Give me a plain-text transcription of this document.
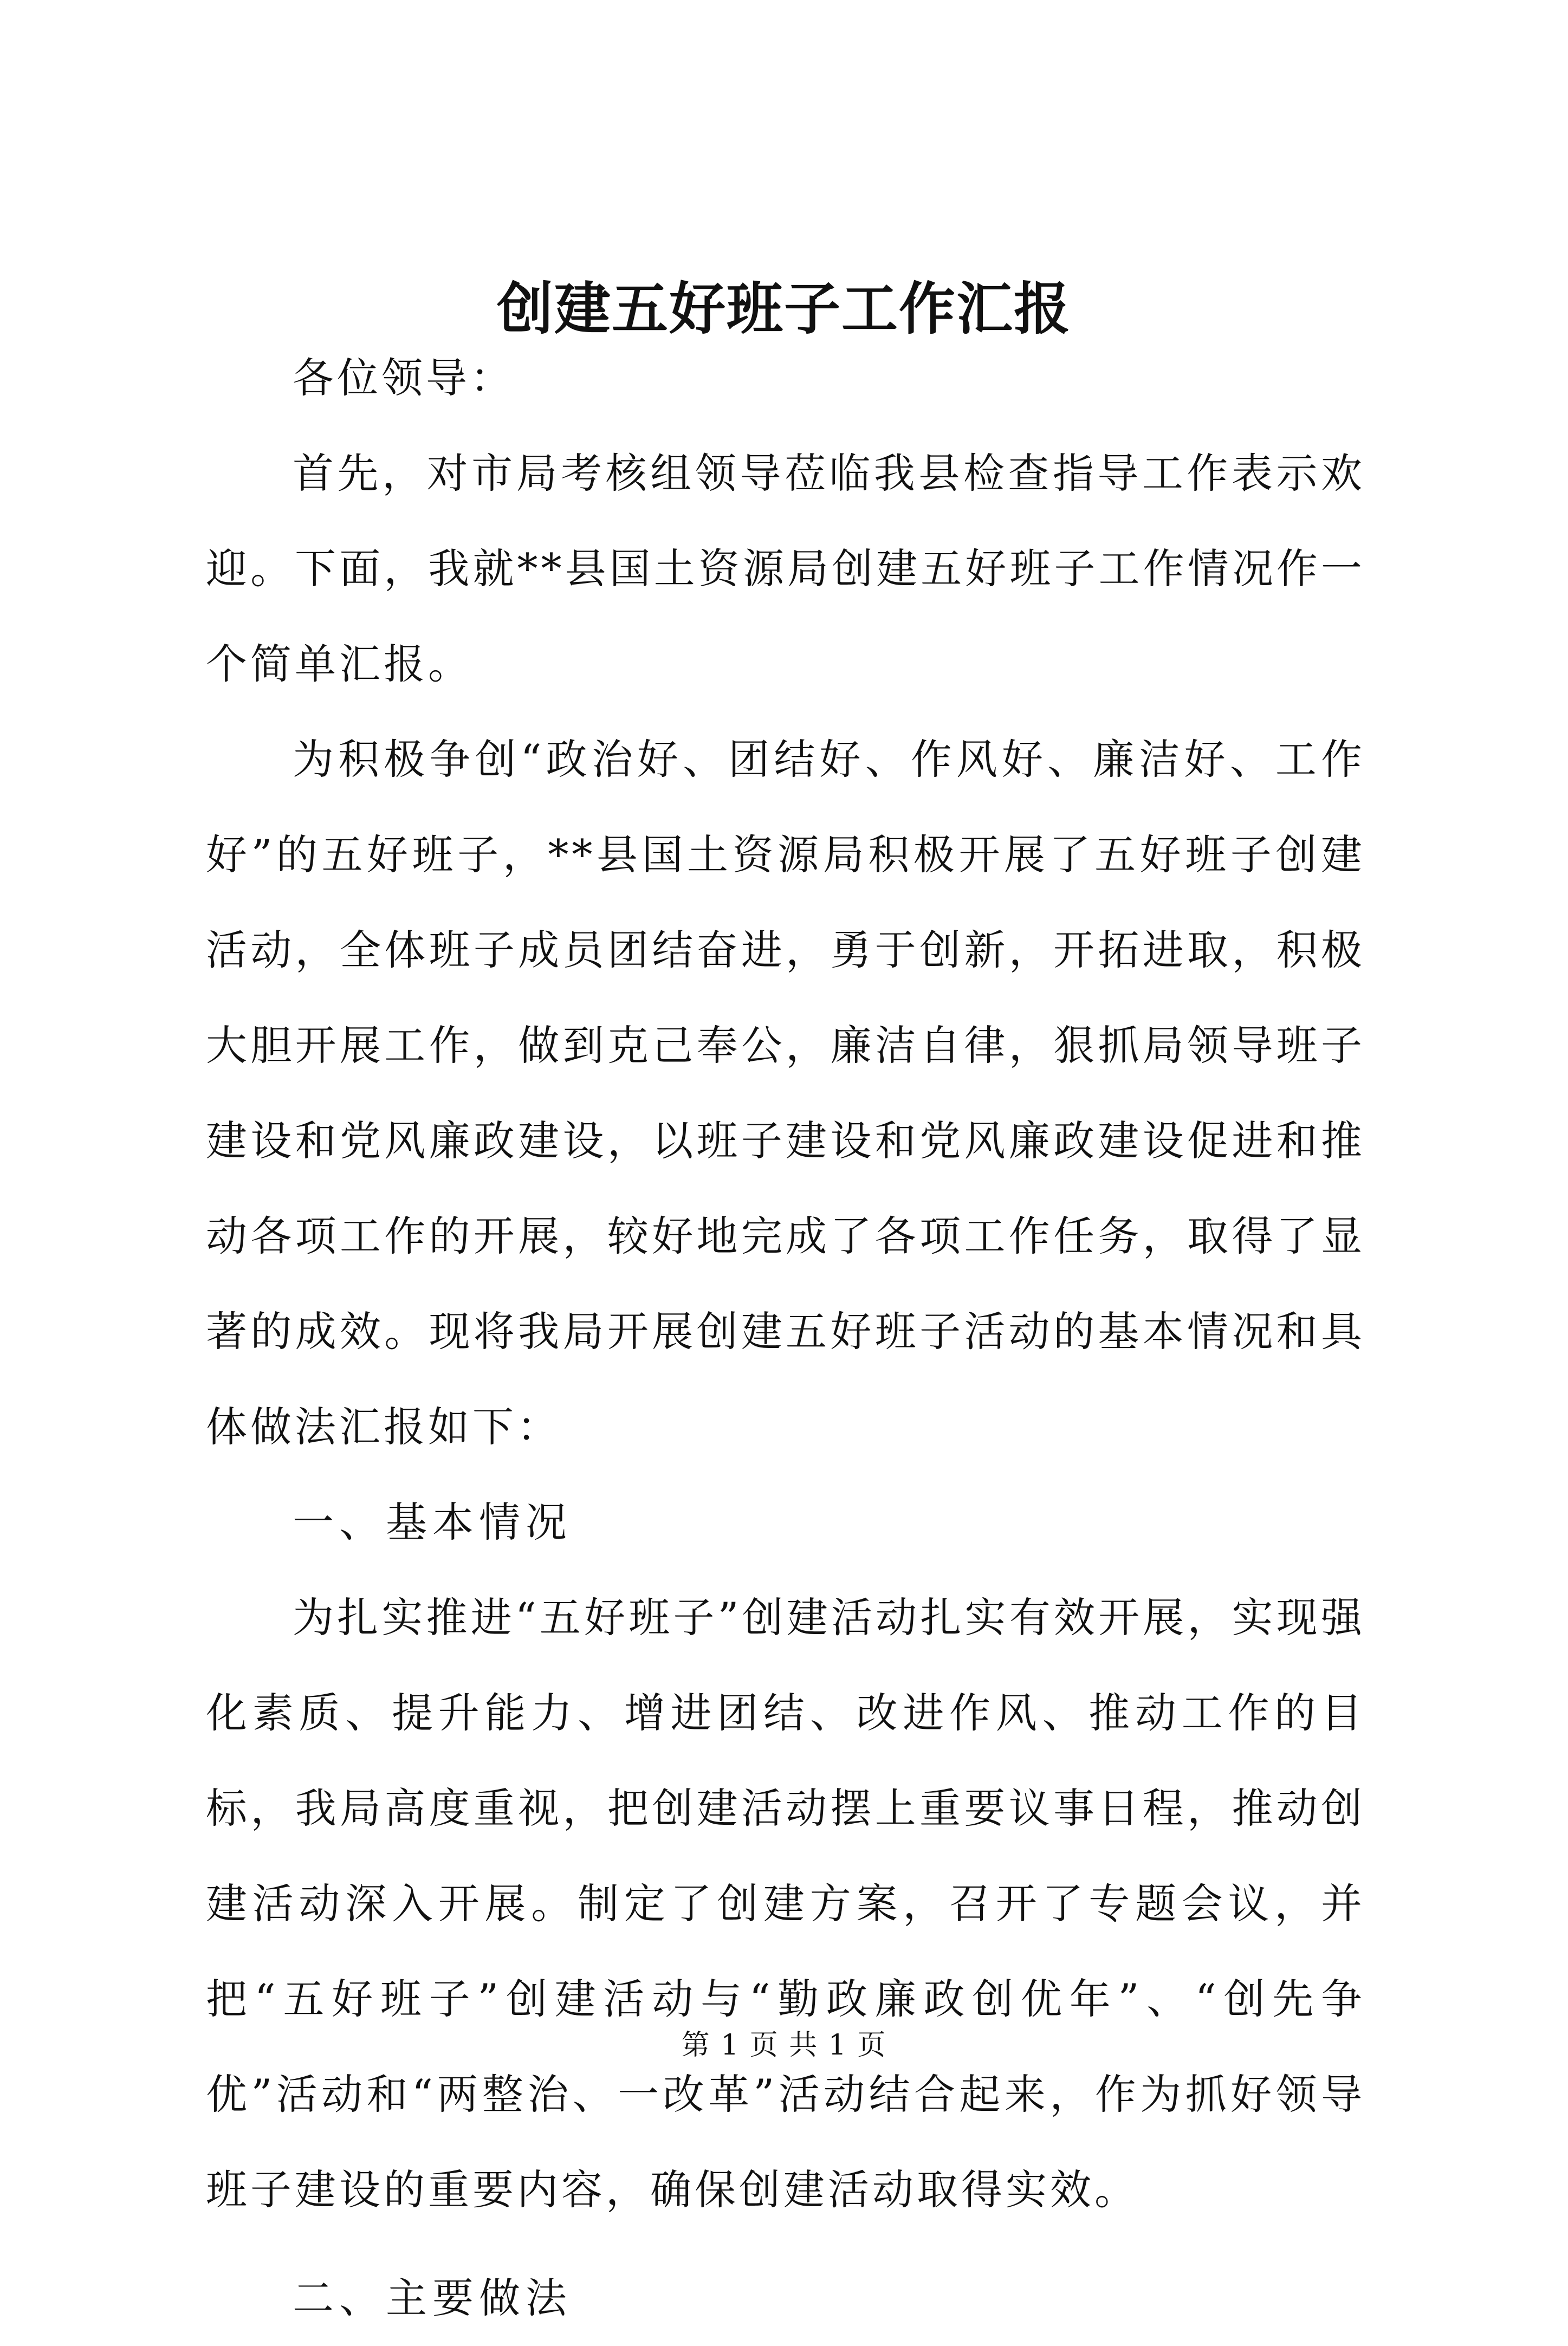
创建五好班子工作汇报

各位领导：

首先，对市局考核组领导莅临我县检查指导工作表示欢迎。下面，我就**县国土资源局创建五好班子工作情况作一个简单汇报。

为积极争创“政治好、团结好、作风好、廉洁好、工作好”的五好班子，**县国土资源局积极开展了五好班子创建活动，全体班子成员团结奋进，勇于创新，开拓进取，积极大胆开展工作，做到克己奉公，廉洁自律，狠抓局领导班子建设和党风廉政建设，以班子建设和党风廉政建设促进和推动各项工作的开展，较好地完成了各项工作任务，取得了显著的成效。现将我局开展创建五好班子活动的基本情况和具体做法汇报如下：

一、基本情况

为扎实推进“五好班子”创建活动扎实有效开展，实现强化素质、提升能力、增进团结、改进作风、推动工作的目标，我局高度重视，把创建活动摆上重要议事日程，推动创建活动深入开展。制定了创建方案，召开了专题会议，并把“五好班子”创建活动与“勤政廉政创优年”、“创先争优”活动和“两整治、一改革”活动结合起来，作为抓好领导班子建设的重要内容，确保创建活动取得实效。

二、主要做法

第 1 页 共 1 页
